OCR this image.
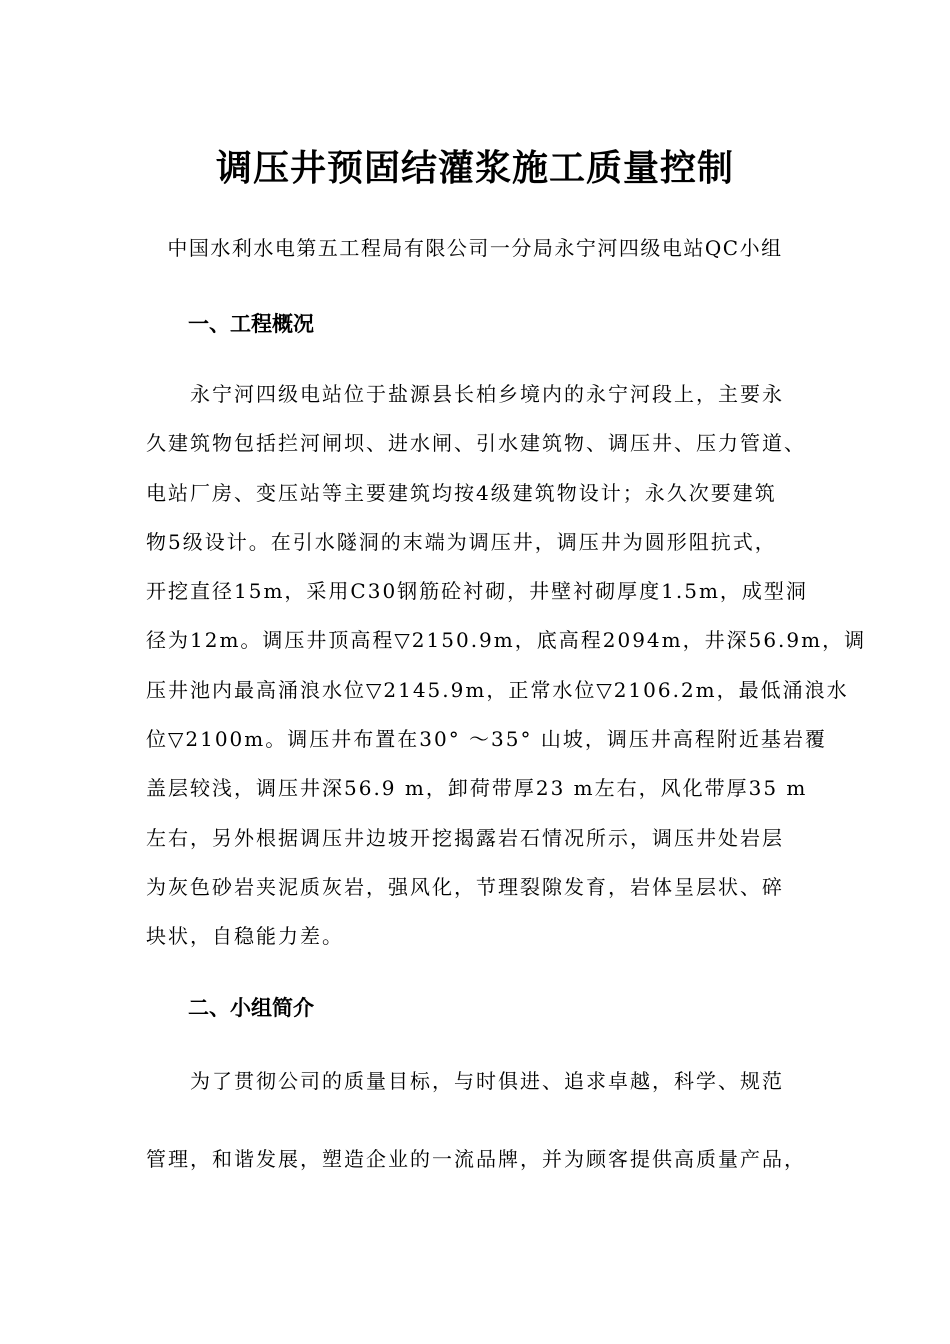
调压井预固结灌浆施工质量控制

中国水利水电第五工程局有限公司一分局永宁河四级电站QC小组

一、工程概况
永宁河四级电站位于盐源县长柏乡境内的永宁河段上，主要永
久建筑物包括拦河闸坝、进水闸、引水建筑物、调压井、压力管道、
电站厂房、变压站等主要建筑均按4级建筑物设计；永久次要建筑
物5级设计。在引水隧洞的末端为调压井，调压井为圆形阻抗式，
开挖直径15m，采用C30钢筋砼衬砌，井壁衬砌厚度1.5m，成型洞
径为12m。调压井顶高程▽2150.9m，底高程2094m，井深56.9m，调
压井池内最高涌浪水位▽2145.9m，正常水位▽2106.2m，最低涌浪水
位▽2100m。调压井布置在30° ～35° 山坡，调压井高程附近基岩覆
盖层较浅，调压井深56.9 m，卸荷带厚23 m左右，风化带厚35 m
左右，另外根据调压井边坡开挖揭露岩石情况所示，调压井处岩层
为灰色砂岩夹泥质灰岩，强风化，节理裂隙发育，岩体呈层状、碎
块状，自稳能力差。
二、小组简介
为了贯彻公司的质量目标，与时俱进、追求卓越，科学、规范
管理，和谐发展，塑造企业的一流品牌，并为顾客提供高质量产品，
